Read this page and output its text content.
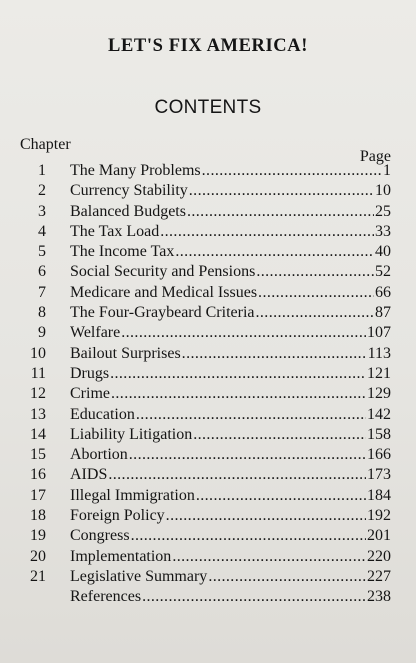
LET'S FIX AMERICA!
CONTENTS
Chapter
Page
1 The Many Problems .....	1
2 Currency Stability .....	10
3 Balanced Budgets .....	25
4 The Tax Load .....	33
5 The Income Tax .....	40
6 Social Security and Pensions .....	52
7 Medicare and Medical Issues .....	66
8 The Four-Graybeard Criteria .....	87
9 Welfare .....	107
10 Bailout Surprises .....	113
11 Drugs .....	121
12 Crime .....	129
13 Education .....	142
14 Liability Litigation .....	158
15 Abortion .....	166
16 AIDS .....	173
17 Illegal Immigration .....	184
18 Foreign Policy .....	192
19 Congress .....	201
20 Implementation .....	220
21 Legislative Summary .....	227
References .....	238
